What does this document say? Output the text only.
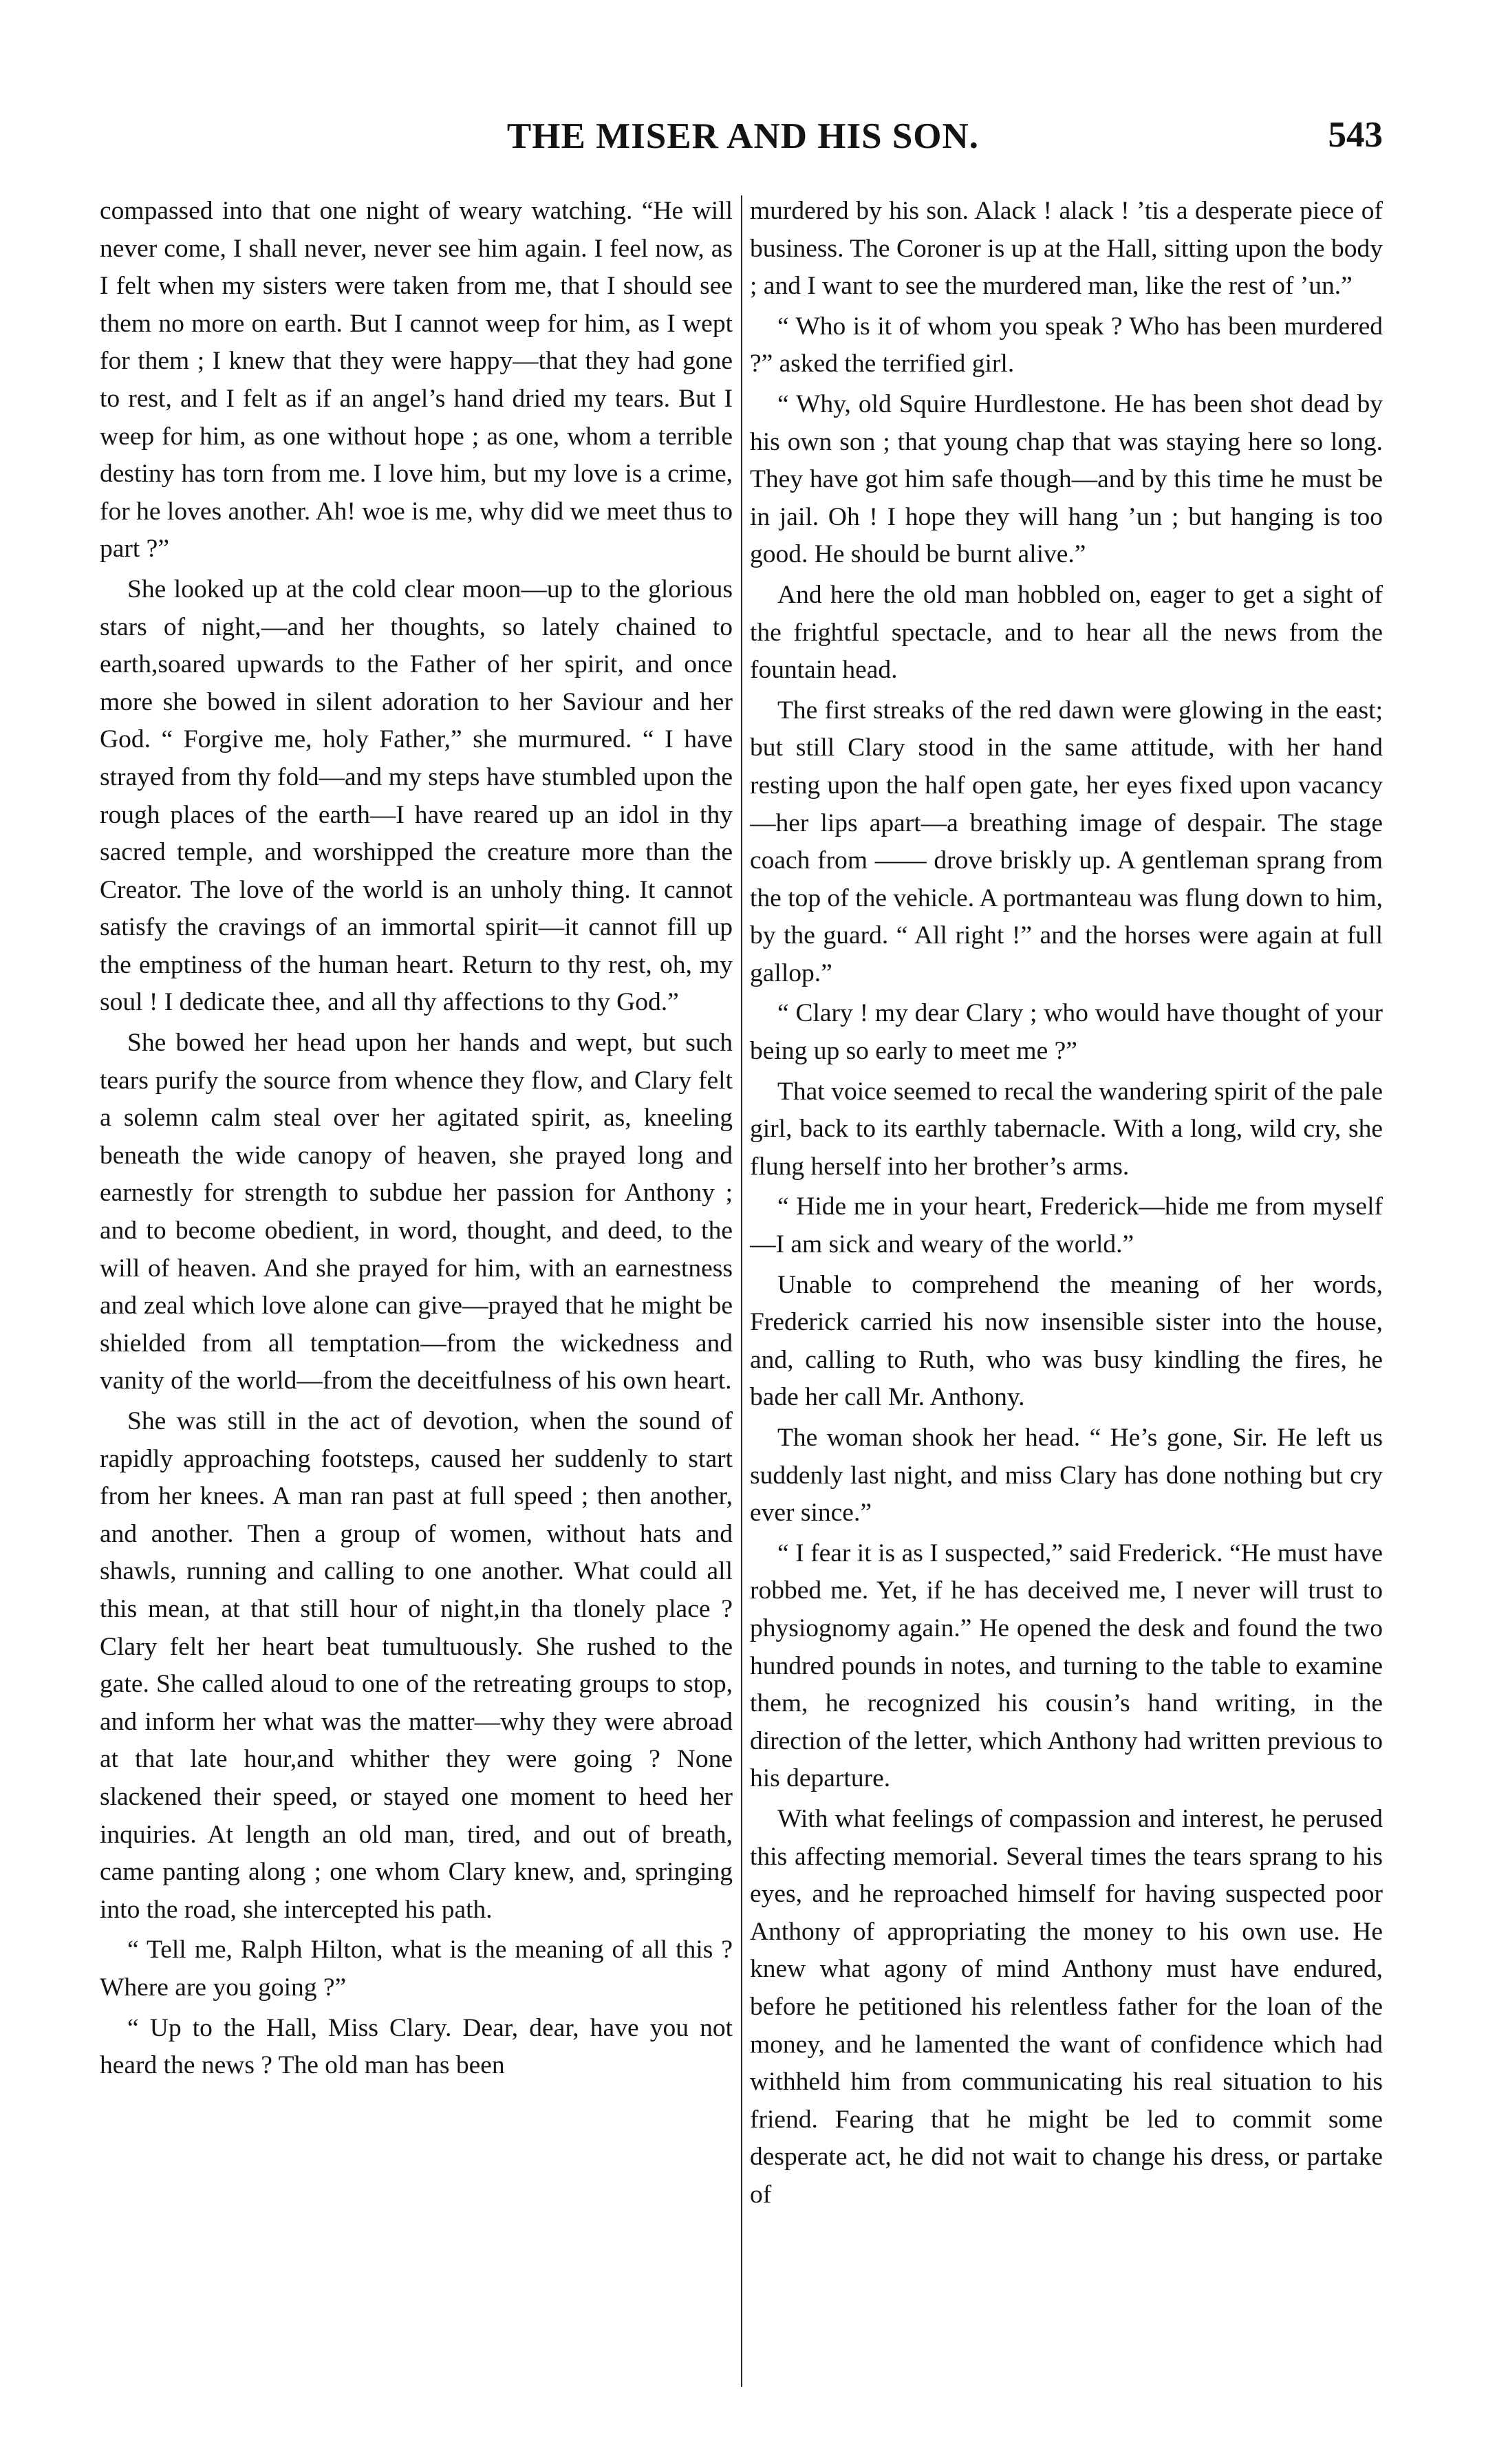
THE MISER AND HIS SON.	543

compassed into that one night of weary watching. “He will never come, I shall never, never see him again. I feel now, as I felt when my sisters were taken from me, that I should see them no more on earth. But I cannot weep for him, as I wept for them ; I knew that they were happy—that they had gone to rest, and I felt as if an angel’s hand dried my tears. But I weep for him, as one without hope ; as one, whom a terrible destiny has torn from me. I love him, but my love is a crime, for he loves another. Ah! woe is me, why did we meet thus to part ?”

She looked up at the cold clear moon—up to the glorious stars of night,—and her thoughts, so lately chained to earth,soared upwards to the Father of her spirit, and once more she bowed in silent adoration to her Saviour and her God. “ Forgive me, holy Father,” she murmured. “ I have strayed from thy fold—and my steps have stumbled upon the rough places of the earth—I have reared up an idol in thy sacred temple, and worshipped the creature more than the Creator. The love of the world is an unholy thing. It cannot satisfy the cravings of an immortal spirit—it cannot fill up the emptiness of the human heart. Return to thy rest, oh, my soul ! I dedicate thee, and all thy affections to thy God.”

She bowed her head upon her hands and wept, but such tears purify the source from whence they flow, and Clary felt a solemn calm steal over her agitated spirit, as, kneeling beneath the wide canopy of heaven, she prayed long and earnestly for strength to subdue her passion for Anthony ; and to become obedient, in word, thought, and deed, to the will of heaven. And she prayed for him, with an earnestness and zeal which love alone can give—prayed that he might be shielded from all temptation—from the wickedness and vanity of the world—from the deceitfulness of his own heart.

She was still in the act of devotion, when the sound of rapidly approaching footsteps, caused her suddenly to start from her knees. A man ran past at full speed ; then another, and another. Then a group of women, without hats and shawls, running and calling to one another. What could all this mean, at that still hour of night,in tha tlonely place ? Clary felt her heart beat tumultuously. She rushed to the gate. She called aloud to one of the retreating groups to stop, and inform her what was the matter—why they were abroad at that late hour,and whither they were going ? None slackened their speed, or stayed one moment to heed her inquiries. At length an old man, tired, and out of breath, came panting along ; one whom Clary knew, and, springing into the road, she intercepted his path.

“ Tell me, Ralph Hilton, what is the meaning of all this ? Where are you going ?”

“ Up to the Hall, Miss Clary. Dear, dear, have you not heard the news ? The old man has been

murdered by his son. Alack ! alack ! ’tis a desperate piece of business. The Coroner is up at the Hall, sitting upon the body ; and I want to see the murdered man, like the rest of ’un.”

“ Who is it of whom you speak ? Who has been murdered ?” asked the terrified girl.

“ Why, old Squire Hurdlestone. He has been shot dead by his own son ; that young chap that was staying here so long. They have got him safe though—and by this time he must be in jail. Oh ! I hope they will hang ’un ; but hanging is too good. He should be burnt alive.”

And here the old man hobbled on, eager to get a sight of the frightful spectacle, and to hear all the news from the fountain head.

The first streaks of the red dawn were glowing in the east; but still Clary stood in the same attitude, with her hand resting upon the half open gate, her eyes fixed upon vacancy—her lips apart—a breathing image of despair. The stage coach from —— drove briskly up. A gentleman sprang from the top of the vehicle. A portmanteau was flung down to him, by the guard. “ All right !” and the horses were again at full gallop.”

“ Clary ! my dear Clary ; who would have thought of your being up so early to meet me ?”

That voice seemed to recal the wandering spirit of the pale girl, back to its earthly tabernacle. With a long, wild cry, she flung herself into her brother’s arms.

“ Hide me in your heart, Frederick—hide me from myself—I am sick and weary of the world.”

Unable to comprehend the meaning of her words, Frederick carried his now insensible sister into the house, and, calling to Ruth, who was busy kindling the fires, he bade her call Mr. Anthony.

The woman shook her head. “ He’s gone, Sir. He left us suddenly last night, and miss Clary has done nothing but cry ever since.”

“ I fear it is as I suspected,” said Frederick. “He must have robbed me. Yet, if he has deceived me, I never will trust to physiognomy again.” He opened the desk and found the two hundred pounds in notes, and turning to the table to examine them, he recognized his cousin’s hand writing, in the direction of the letter, which Anthony had written previous to his departure.

With what feelings of compassion and interest, he perused this affecting memorial. Several times the tears sprang to his eyes, and he reproached himself for having suspected poor Anthony of appropriating the money to his own use. He knew what agony of mind Anthony must have endured, before he petitioned his relentless father for the loan of the money, and he lamented the want of confidence which had withheld him from communicating his real situation to his friend. Fearing that he might be led to commit some desperate act, he did not wait to change his dress, or partake of
